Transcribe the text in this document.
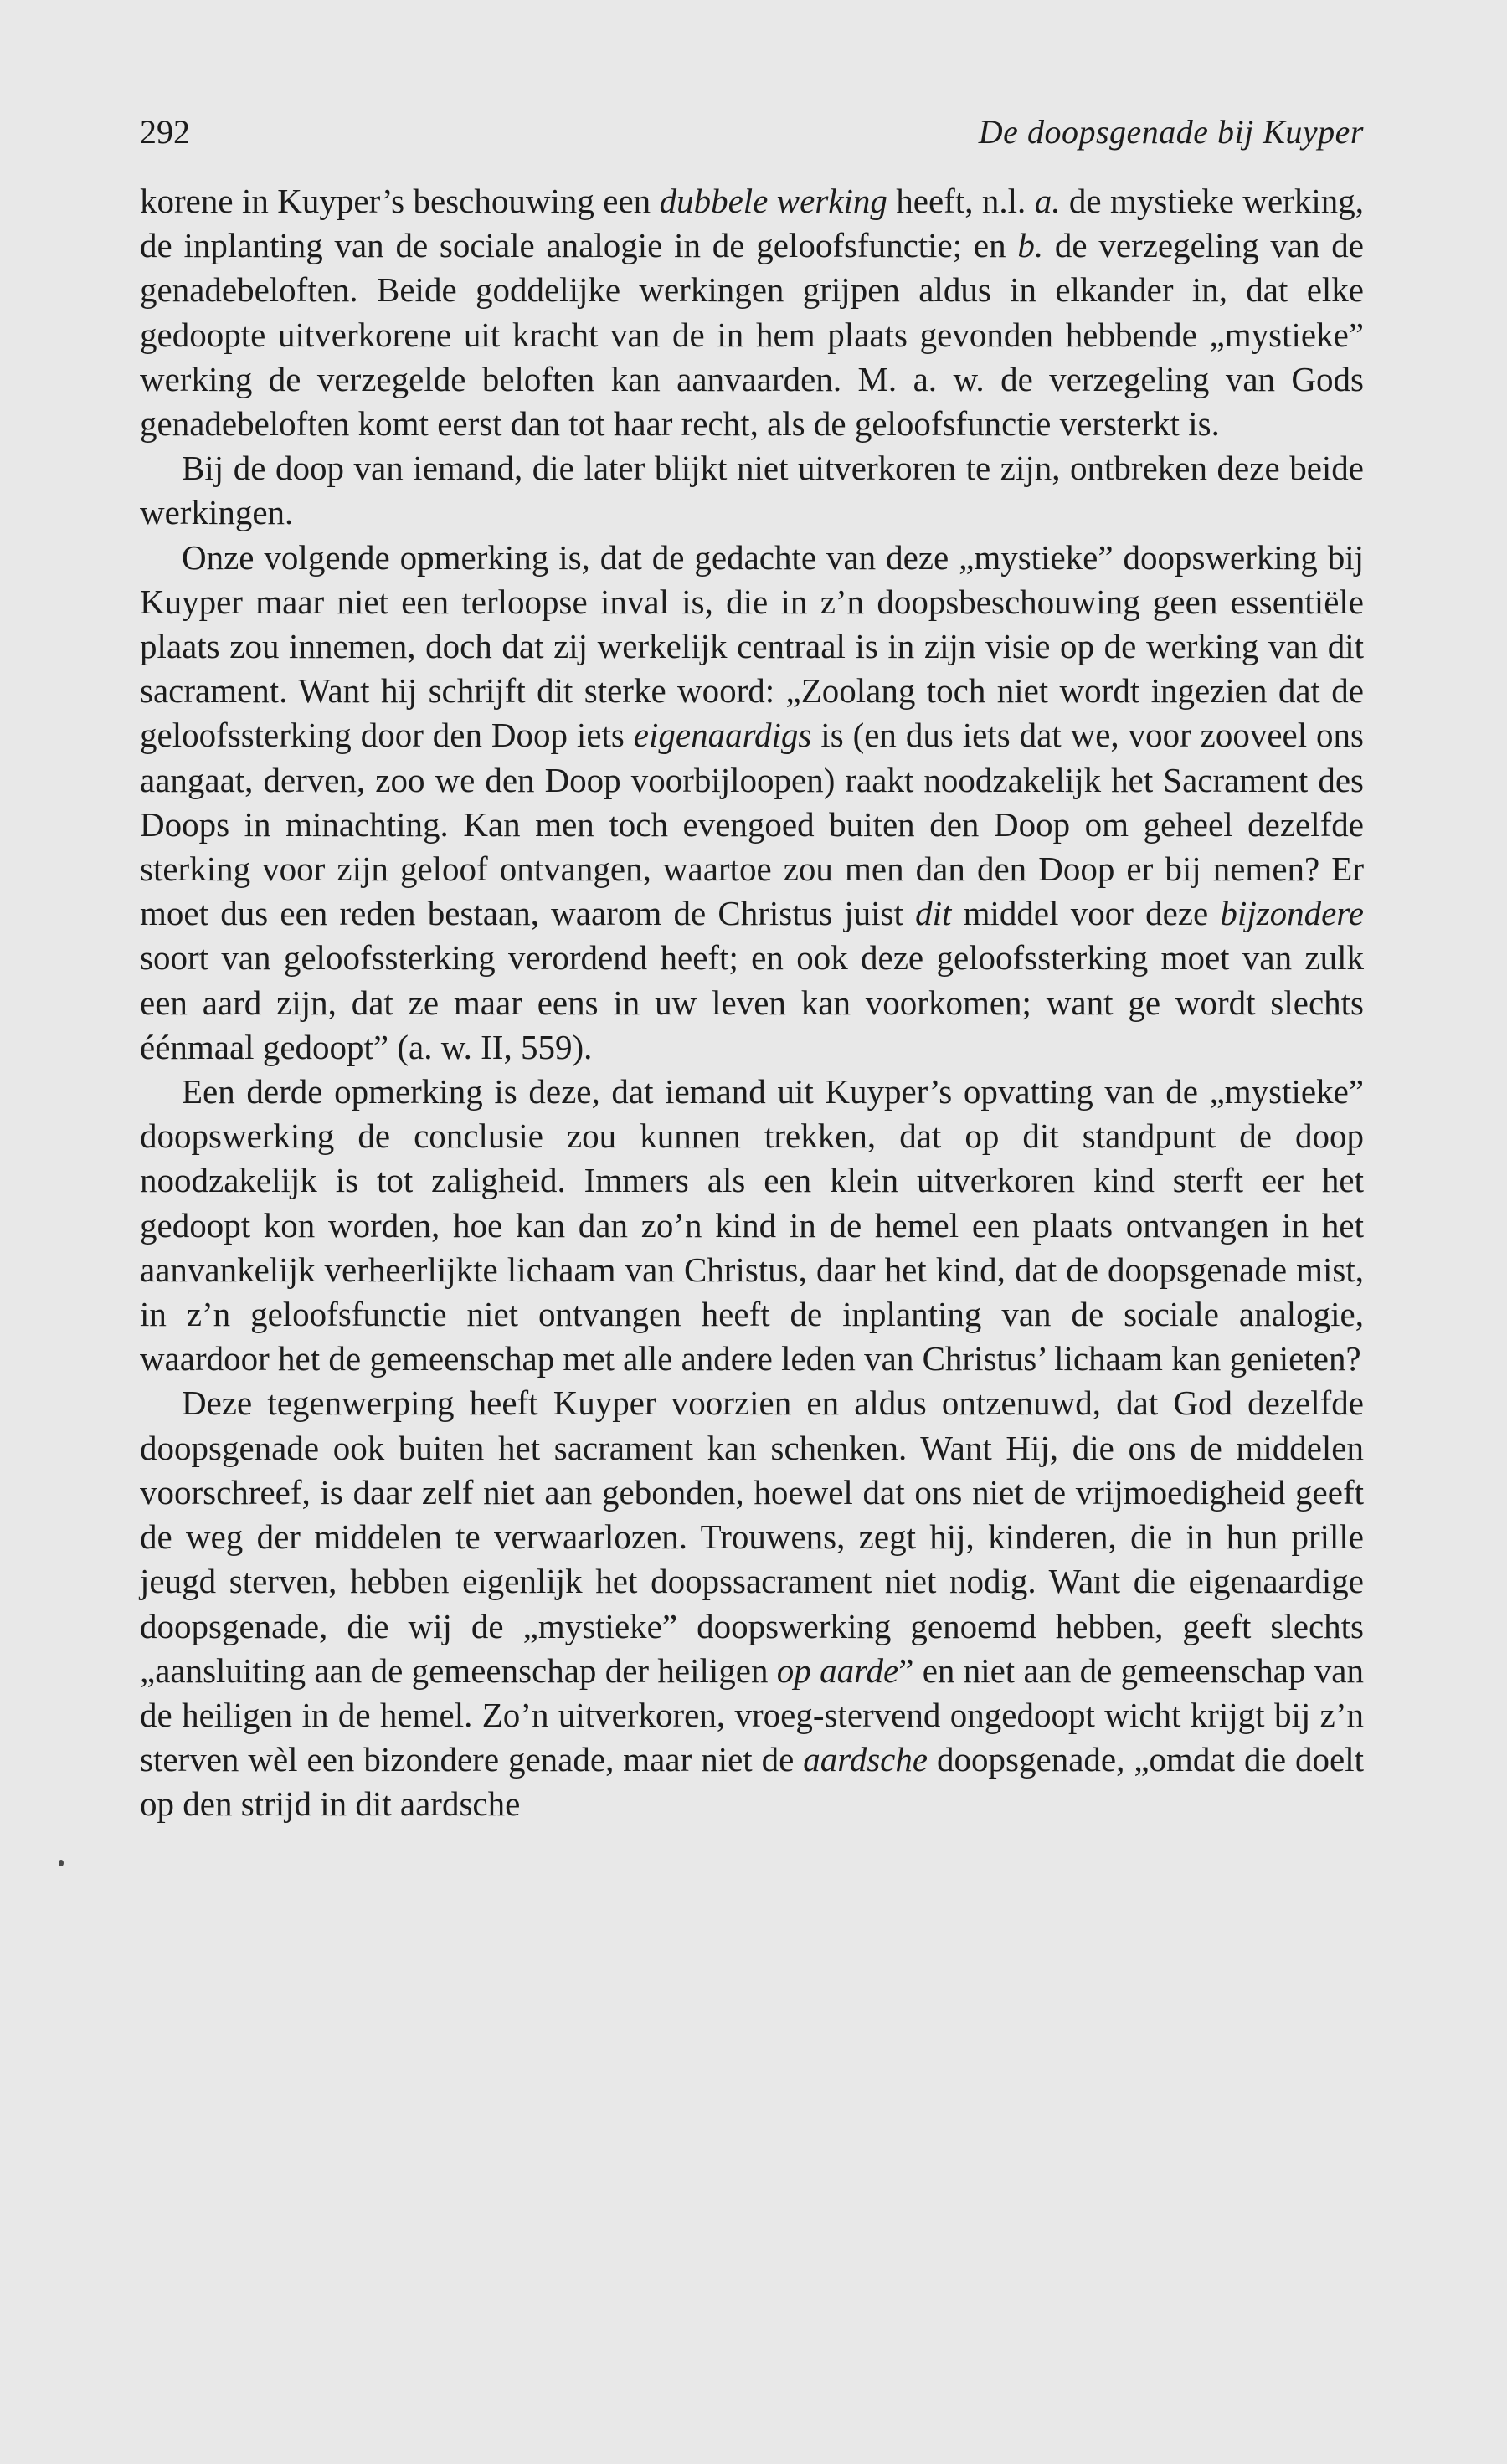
292	De doopsgenade bij Kuyper

korene in Kuyper’s beschouwing een dubbele werking heeft, n.l. a. de mystieke werking, de inplanting van de sociale analogie in de geloofsfunctie; en b. de verzegeling van de genadebeloften. Beide goddelijke werkingen grijpen aldus in elkander in, dat elke gedoopte uitverkorene uit kracht van de in hem plaats gevonden hebbende „mystieke” werking de verzegelde beloften kan aanvaarden. M. a. w. de verzegeling van Gods genadebeloften komt eerst dan tot haar recht, als de geloofsfunctie versterkt is.

Bij de doop van iemand, die later blijkt niet uitverkoren te zijn, ontbreken deze beide werkingen.

Onze volgende opmerking is, dat de gedachte van deze „mystieke” doopswerking bij Kuyper maar niet een terloopse inval is, die in z’n doopsbeschouwing geen essentiële plaats zou innemen, doch dat zij werkelijk centraal is in zijn visie op de werking van dit sacrament. Want hij schrijft dit sterke woord: „Zoolang toch niet wordt ingezien dat de geloofssterking door den Doop iets eigenaardigs is (en dus iets dat we, voor zooveel ons aangaat, derven, zoo we den Doop voorbijloopen) raakt noodzakelijk het Sacrament des Doops in minachting. Kan men toch evengoed buiten den Doop om geheel dezelfde sterking voor zijn geloof ontvangen, waartoe zou men dan den Doop er bij nemen? Er moet dus een reden bestaan, waarom de Christus juist dit middel voor deze bijzondere soort van geloofssterking verordend heeft; en ook deze geloofssterking moet van zulk een aard zijn, dat ze maar eens in uw leven kan voorkomen; want ge wordt slechts éénmaal gedoopt” (a. w. II, 559).

Een derde opmerking is deze, dat iemand uit Kuyper’s opvatting van de „mystieke” doopswerking de conclusie zou kunnen trekken, dat op dit standpunt de doop noodzakelijk is tot zaligheid. Immers als een klein uitverkoren kind sterft eer het gedoopt kon worden, hoe kan dan zo’n kind in de hemel een plaats ontvangen in het aanvankelijk verheerlijkte lichaam van Christus, daar het kind, dat de doopsgenade mist, in z’n geloofsfunctie niet ontvangen heeft de inplanting van de sociale analogie, waardoor het de gemeenschap met alle andere leden van Christus’ lichaam kan genieten?

Deze tegenwerping heeft Kuyper voorzien en aldus ontzenuwd, dat God dezelfde doopsgenade ook buiten het sacrament kan schenken. Want Hij, die ons de middelen voorschreef, is daar zelf niet aan gebonden, hoewel dat ons niet de vrijmoedigheid geeft de weg der middelen te verwaarlozen. Trouwens, zegt hij, kinderen, die in hun prille jeugd sterven, hebben eigenlijk het doopssacrament niet nodig. Want die eigenaardige doopsgenade, die wij de „mystieke” doopswerking genoemd hebben, geeft slechts „aansluiting aan de gemeenschap der heiligen op aarde” en niet aan de gemeenschap van de heiligen in de hemel. Zo’n uitverkoren, vroeg-stervend ongedoopt wicht krijgt bij z’n sterven wèl een bizondere genade, maar niet de aardsche doopsgenade, „omdat die doelt op den strijd in dit aardsche
